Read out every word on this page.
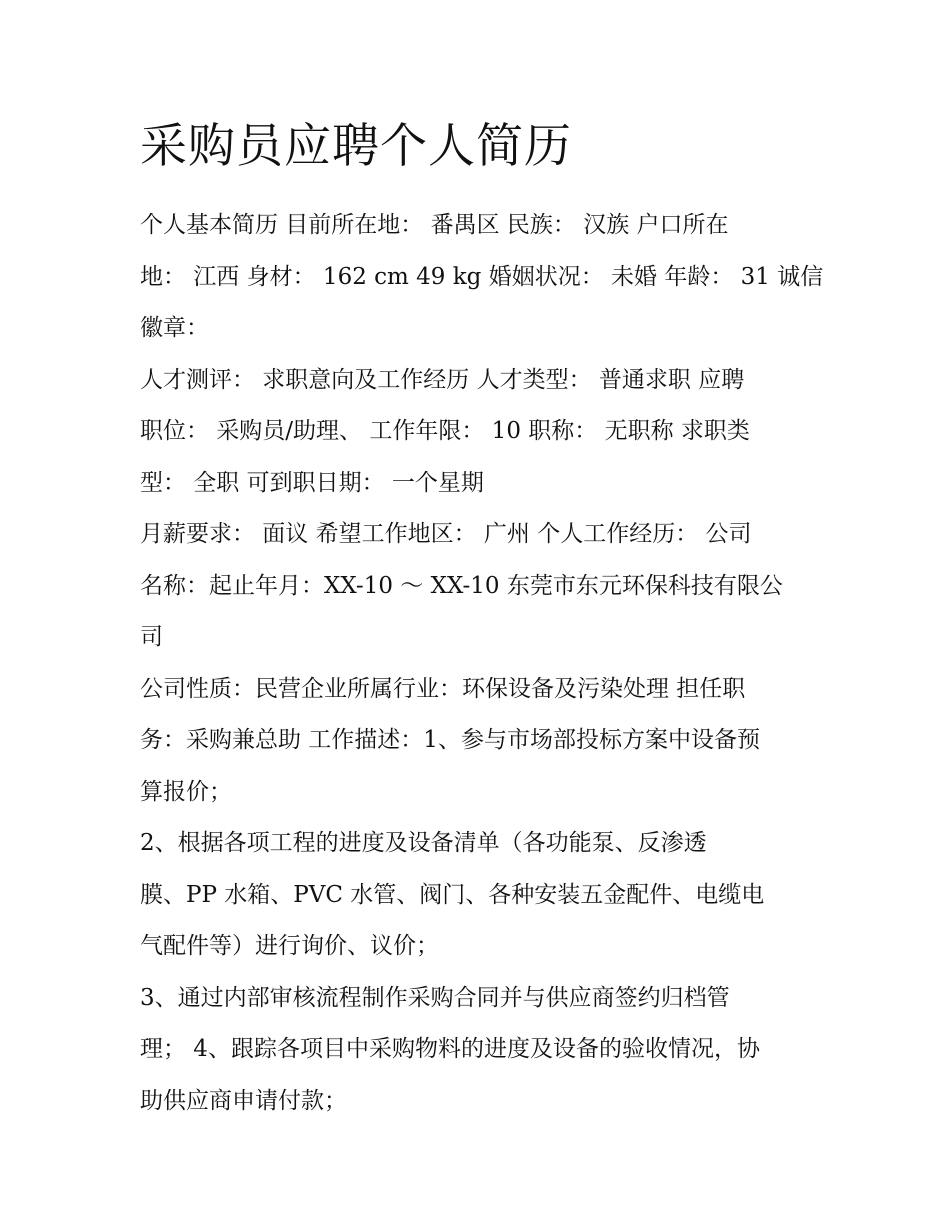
采购员应聘个人简历

个人基本简历 目前所在地： 番禺区 民族： 汉族 户口所在
地： 江西 身材： 162 cm 49 kg 婚姻状况： 未婚 年龄： 31 诚信
徽章：

人才测评： 求职意向及工作经历 人才类型： 普通求职 应聘
职位： 采购员/助理、 工作年限： 10 职称： 无职称 求职类
型： 全职 可到职日期： 一个星期

月薪要求： 面议 希望工作地区： 广州 个人工作经历： 公司
名称：起止年月：XX-10 ～ XX-10 东莞市东元环保科技有限公
司

公司性质：民营企业所属行业：环保设备及污染处理 担任职
务：采购兼总助 工作描述：1、参与市场部投标方案中设备预
算报价；

2、根据各项工程的进度及设备清单（各功能泵、反渗透
膜、PP 水箱、PVC 水管、阀门、各种安装五金配件、电缆电
气配件等）进行询价、议价；

3、通过内部审核流程制作采购合同并与供应商签约归档管
理； 4、跟踪各项目中采购物料的进度及设备的验收情况，协
助供应商申请付款；
